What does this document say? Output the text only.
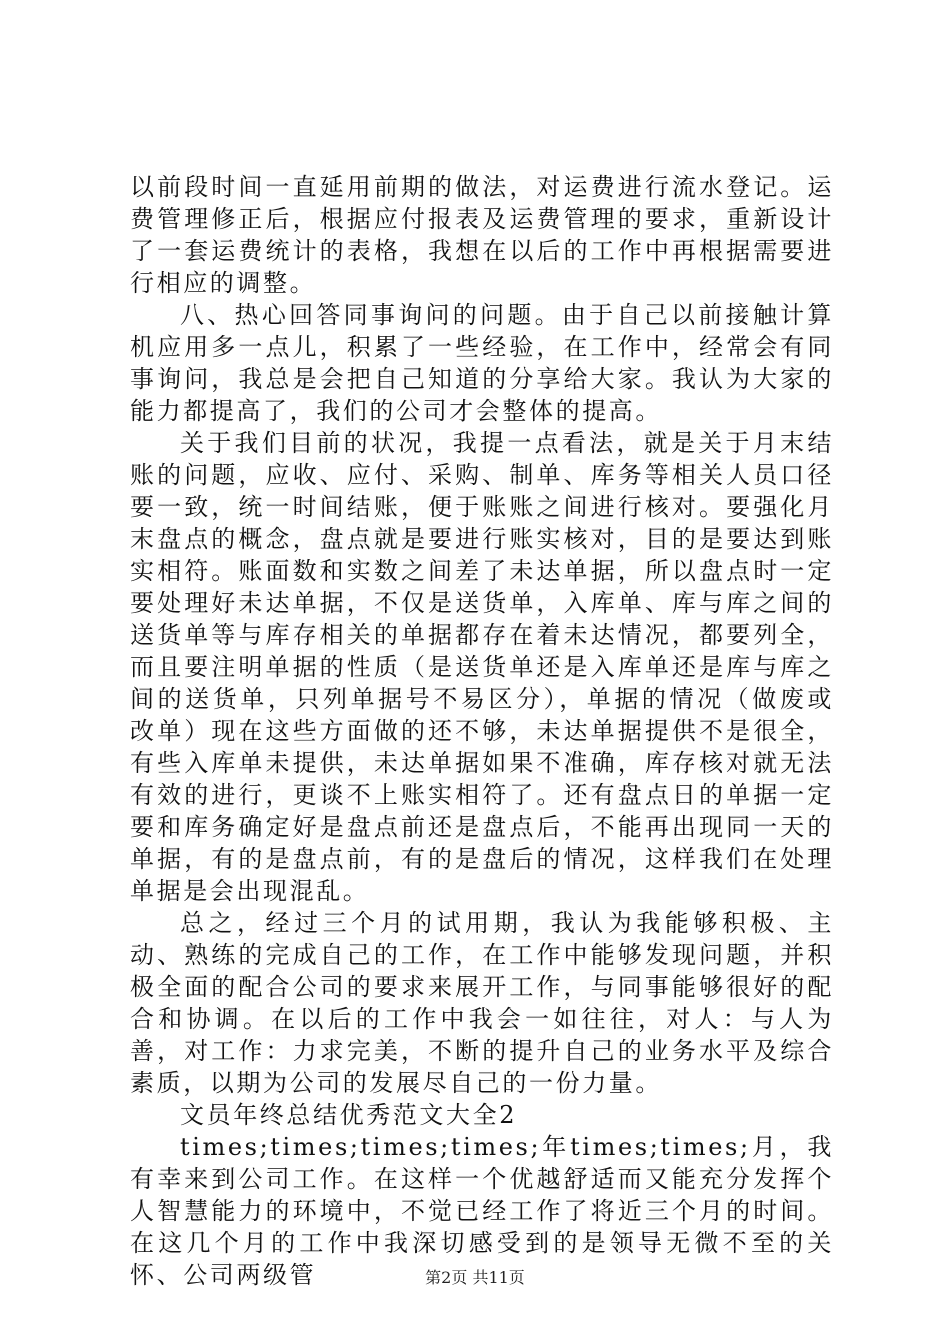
以前段时间一直延用前期的做法，对运费进行流水登记。运费管理修正后，根据应付报表及运费管理的要求，重新设计了一套运费统计的表格，我想在以后的工作中再根据需要进行相应的调整。

八、热心回答同事询问的问题。由于自己以前接触计算机应用多一点儿，积累了一些经验，在工作中，经常会有同事询问，我总是会把自己知道的分享给大家。我认为大家的能力都提高了，我们的公司才会整体的提高。

关于我们目前的状况，我提一点看法，就是关于月末结账的问题，应收、应付、采购、制单、库务等相关人员口径要一致，统一时间结账，便于账账之间进行核对。要强化月末盘点的概念，盘点就是要进行账实核对，目的是要达到账实相符。账面数和实数之间差了未达单据，所以盘点时一定要处理好未达单据，不仅是送货单，入库单、库与库之间的送货单等与库存相关的单据都存在着未达情况，都要列全，而且要注明单据的性质（是送货单还是入库单还是库与库之间的送货单，只列单据号不易区分），单据的情况（做废或改单）现在这些方面做的还不够，未达单据提供不是很全，有些入库单未提供，未达单据如果不准确，库存核对就无法有效的进行，更谈不上账实相符了。还有盘点日的单据一定要和库务确定好是盘点前还是盘点后，不能再出现同一天的单据，有的是盘点前，有的是盘后的情况，这样我们在处理单据是会出现混乱。

总之，经过三个月的试用期，我认为我能够积极、主动、熟练的完成自己的工作，在工作中能够发现问题，并积极全面的配合公司的要求来展开工作，与同事能够很好的配合和协调。在以后的工作中我会一如往往，对人：与人为善，对工作：力求完美，不断的提升自己的业务水平及综合素质，以期为公司的发展尽自己的一份力量。

文员年终总结优秀范文大全2

times;times;times;times;年times;times;月，我有幸来到公司工作。在这样一个优越舒适而又能充分发挥个人智慧能力的环境中，不觉已经工作了将近三个月的时间。在这几个月的工作中我深切感受到的是领导无微不至的关怀、公司两级管	第2页 共11页
